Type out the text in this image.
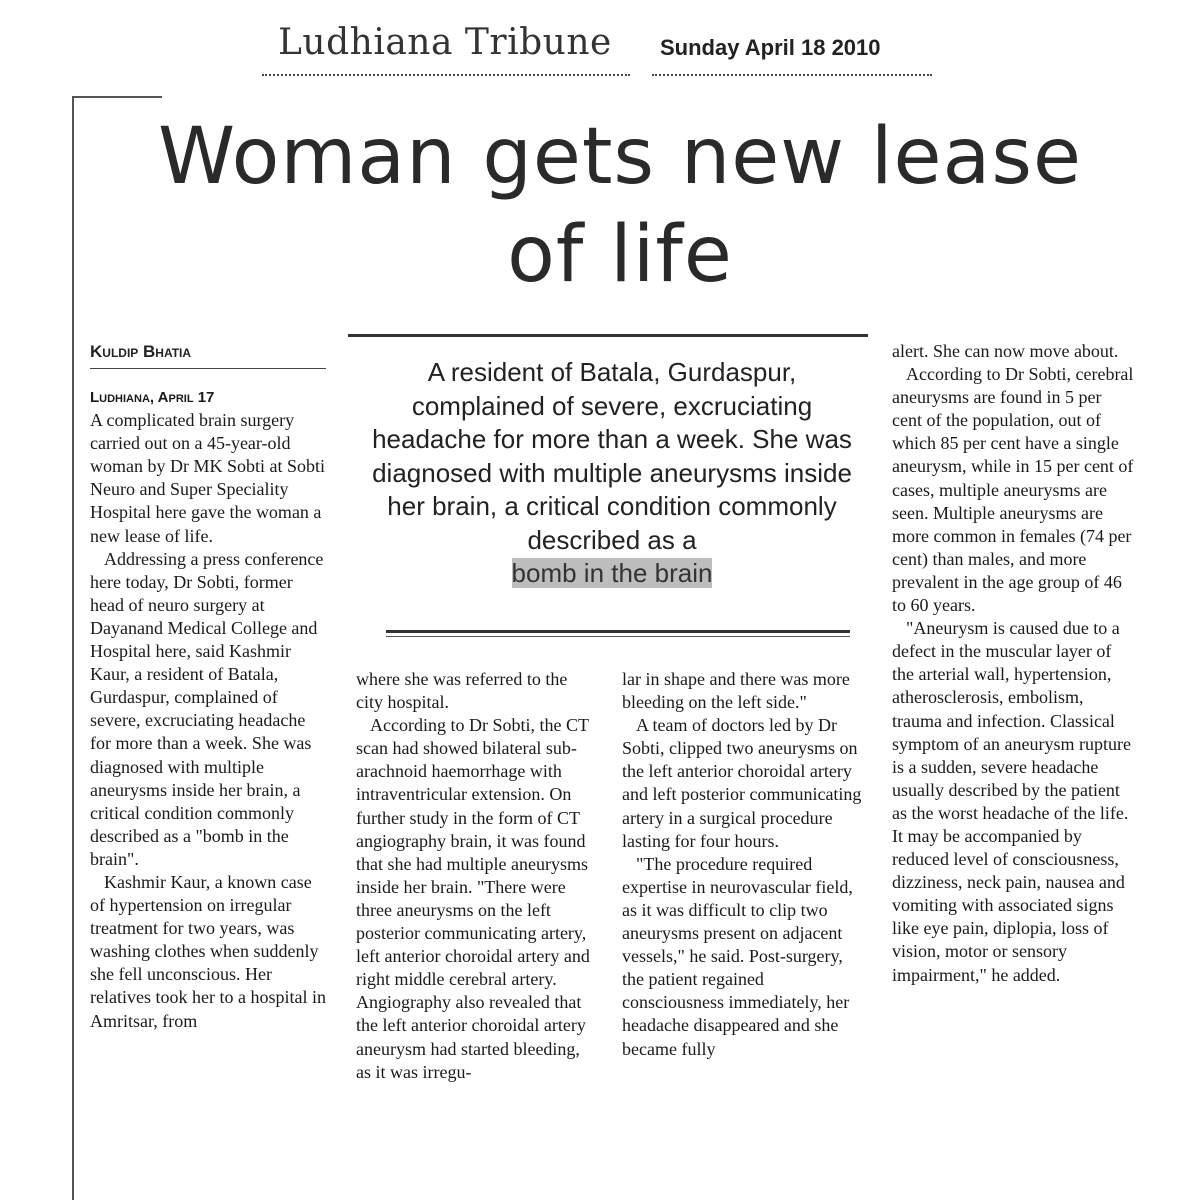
Ludhiana Tribune Sunday April 18 2010
Woman gets new lease of life
Kuldip Bhatia
Ludhiana, April 17

A complicated brain surgery carried out on a 45-year-old woman by Dr MK Sobti at Sobti Neuro and Super Speciality Hospital here gave the woman a new lease of life.

Addressing a press conference here today, Dr Sobti, former head of neuro surgery at Dayanand Medical College and Hospital here, said Kashmir Kaur, a resident of Batala, Gurdaspur, complained of severe, excruciating headache for more than a week. She was diagnosed with multiple aneurysms inside her brain, a critical condition commonly described as a "bomb in the brain".

Kashmir Kaur, a known case of hypertension on irregular treatment for two years, was washing clothes when suddenly she fell unconscious. Her relatives took her to a hospital in Amritsar, from

A resident of Batala, Gurdaspur, complained of severe, excruciating headache for more than a week. She was diagnosed with multiple aneurysms inside her brain, a critical condition commonly described as a
bomb in the brain

where she was referred to the city hospital.

According to Dr Sobti, the CT scan had showed bilateral sub-arachnoid haemorrhage with intraventricular extension. On further study in the form of CT angiography brain, it was found that she had multiple aneurysms inside her brain. "There were three aneurysms on the left posterior communicating artery, left anterior choroidal artery and right middle cerebral artery. Angiography also revealed that the left anterior choroidal artery aneurysm had started bleeding, as it was irregu-

lar in shape and there was more bleeding on the left side."

A team of doctors led by Dr Sobti, clipped two aneurysms on the left anterior choroidal artery and left posterior communicating artery in a surgical procedure lasting for four hours.

"The procedure required expertise in neurovascular field, as it was difficult to clip two aneurysms present on adjacent vessels," he said. Post-surgery, the patient regained consciousness immediately, her headache disappeared and she became fully

alert. She can now move about.

According to Dr Sobti, cerebral aneurysms are found in 5 per cent of the population, out of which 85 per cent have a single aneurysm, while in 15 per cent of cases, multiple aneurysms are seen. Multiple aneurysms are more common in females (74 per cent) than males, and more prevalent in the age group of 46 to 60 years.

"Aneurysm is caused due to a defect in the muscular layer of the arterial wall, hypertension, atherosclerosis, embolism, trauma and infection. Classical symptom of an aneurysm rupture is a sudden, severe headache usually described by the patient as the worst headache of the life. It may be accompanied by reduced level of consciousness, dizziness, neck pain, nausea and vomiting with associated signs like eye pain, diplopia, loss of vision, motor or sensory impairment," he added.
